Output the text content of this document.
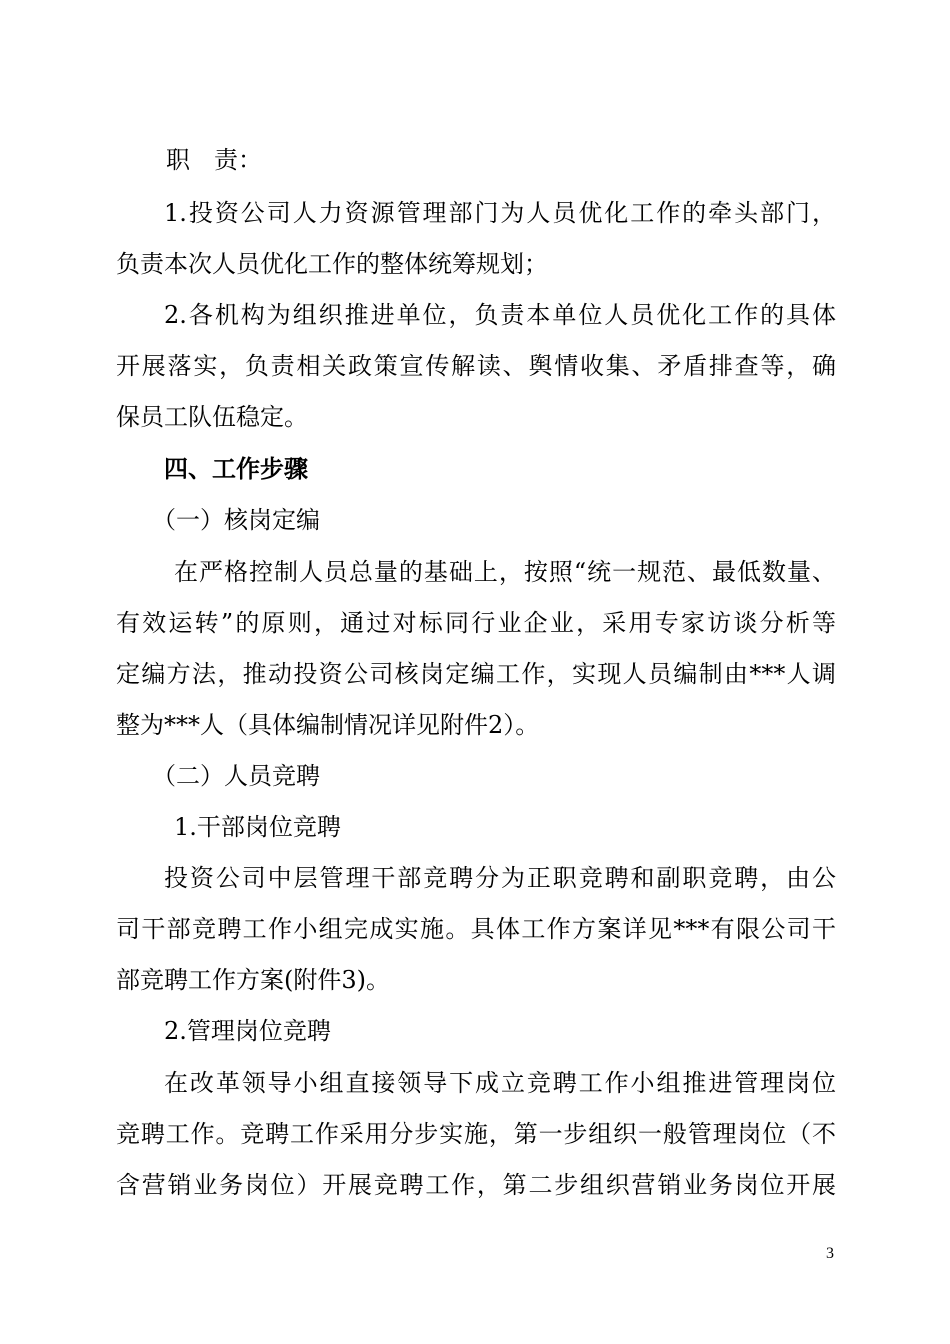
职　责：
1.投资公司人力资源管理部门为人员优化工作的牵头部门，
负责本次人员优化工作的整体统筹规划；
2.各机构为组织推进单位，负责本单位人员优化工作的具体
开展落实，负责相关政策宣传解读、舆情收集、矛盾排查等，确
保员工队伍稳定。
四、工作步骤
（一）核岗定编
在严格控制人员总量的基础上，按照“统一规范、最低数量、
有效运转”的原则，通过对标同行业企业，采用专家访谈分析等
定编方法，推动投资公司核岗定编工作，实现人员编制由***人调
整为***人（具体编制情况详见附件2）。
（二）人员竞聘
1.干部岗位竞聘
投资公司中层管理干部竞聘分为正职竞聘和副职竞聘，由公
司干部竞聘工作小组完成实施。具体工作方案详见***有限公司干
部竞聘工作方案(附件3)。
2.管理岗位竞聘
在改革领导小组直接领导下成立竞聘工作小组推进管理岗位
竞聘工作。竞聘工作采用分步实施，第一步组织一般管理岗位（不
含营销业务岗位）开展竞聘工作，第二步组织营销业务岗位开展
3
